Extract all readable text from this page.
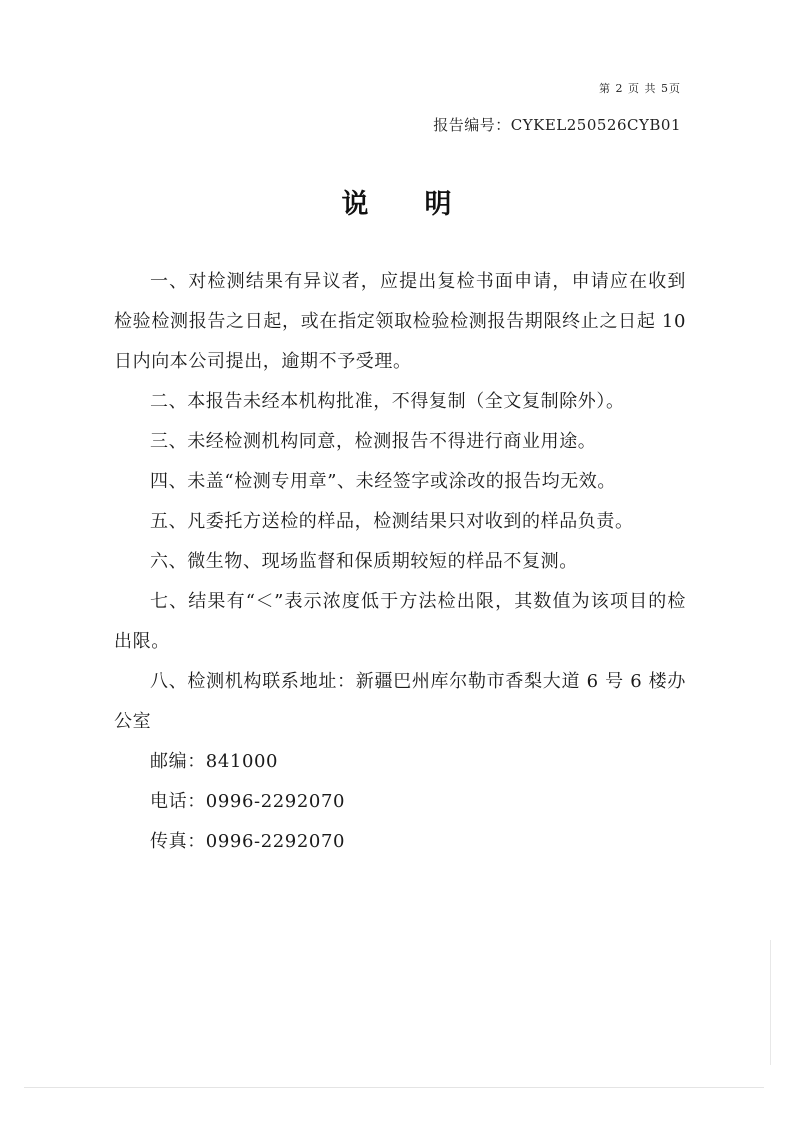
第 2 页 共 5页
报告编号：CYKEL250526CYB01
说明

一、对检测结果有异议者，应提出复检书面申请，申请应在收到检验检测报告之日起，或在指定领取检验检测报告期限终止之日起 10 日内向本公司提出，逾期不予受理。

二、本报告未经本机构批准，不得复制（全文复制除外）。

三、未经检测机构同意，检测报告不得进行商业用途。

四、未盖“检测专用章”、未经签字或涂改的报告均无效。

五、凡委托方送检的样品，检测结果只对收到的样品负责。

六、微生物、现场监督和保质期较短的样品不复测。

七、结果有“＜”表示浓度低于方法检出限，其数值为该项目的检出限。

八、检测机构联系地址：新疆巴州库尔勒市香梨大道 6 号 6 楼办公室

邮编：841000

电话：0996-2292070

传真：0996-2292070
